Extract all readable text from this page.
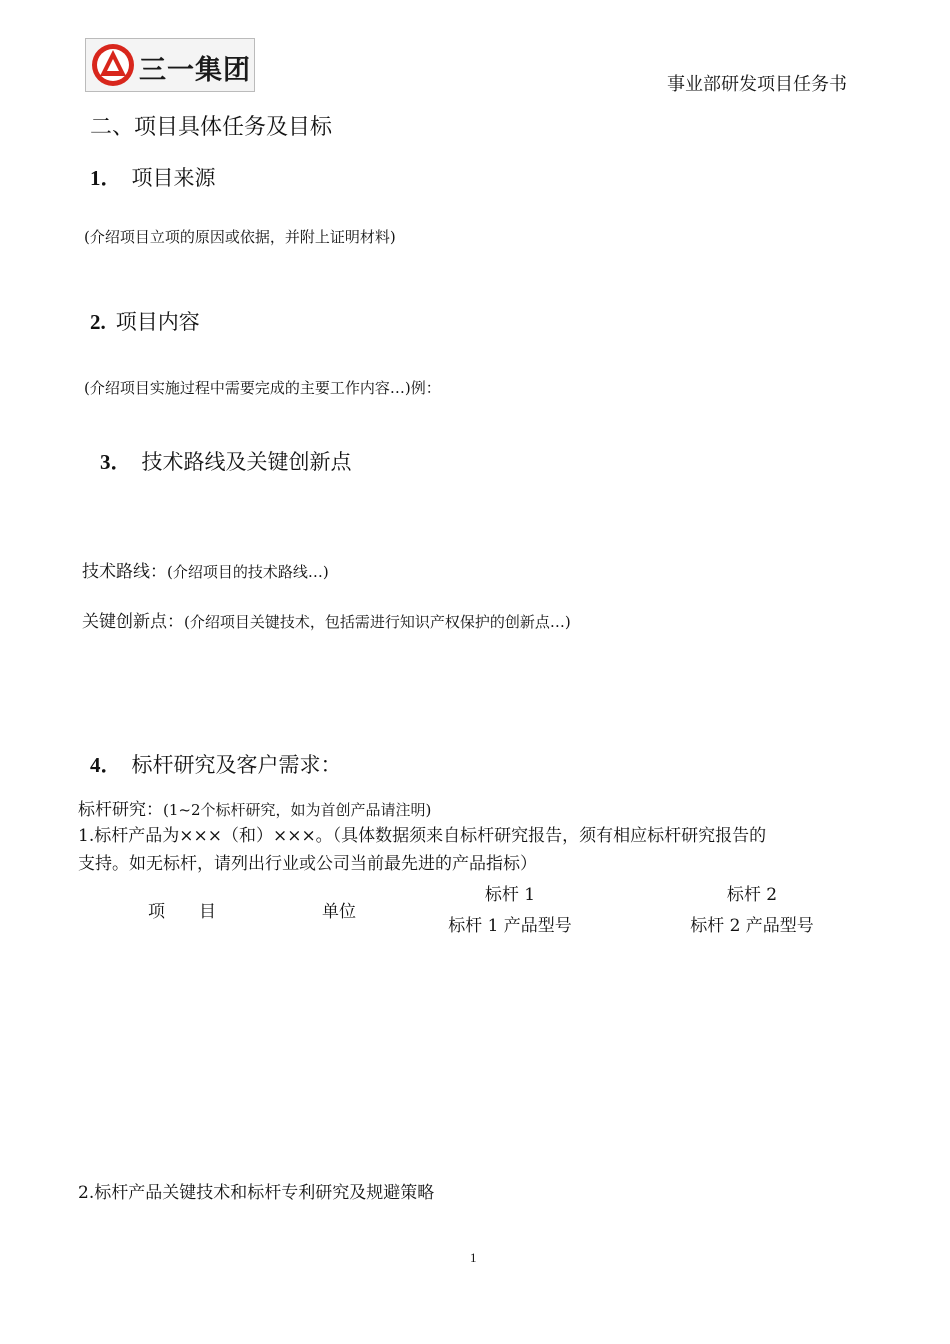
三一集团	事业部研发项目任务书
二、项目具体任务及目标
1． 项目来源
(介绍项目立项的原因或依据，并附上证明材料)
2. 项目内容
(介绍项目实施过程中需要完成的主要工作内容…)例：
3． 技术路线及关键创新点
技术路线：(介绍项目的技术路线…)
关键创新点：(介绍项目关键技术，包括需进行知识产权保护的创新点…)
4． 标杆研究及客户需求：
标杆研究：(1~2个标杆研究，如为首创产品请注明)
1.标杆产品为×××（和）×××。（具体数据须来自标杆研究报告，须有相应标杆研究报告的
支持。如无标杆，请列出行业或公司当前最先进的产品指标）
项　　目	单位
标杆 1
标杆 1 产品型号
标杆 2
标杆 2 产品型号
2.标杆产品关键技术和标杆专利研究及规避策略
1
